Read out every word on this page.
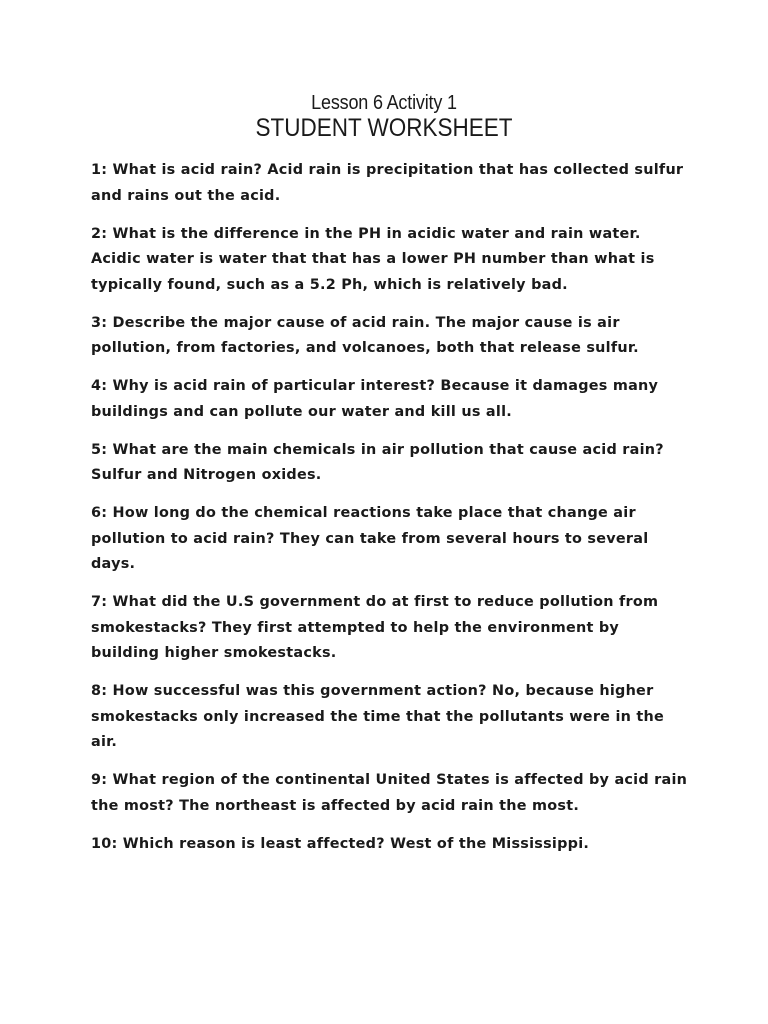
Lesson 6 Activity 1
STUDENT WORKSHEET
1: What is acid rain? Acid rain is precipitation that has collected sulfur and rains out the acid.
2: What is the difference in the PH in acidic water and rain water.Acidic water is water that that has a lower PH number than what is typically found, such as a 5.2 Ph, which is relatively bad.
3: Describe the major cause of acid rain. The major cause is air pollution, from factories, and volcanoes, both that release sulfur.
4: Why is acid rain of particular interest? Because it damages many buildings and can pollute our water and kill us all.
5: What are the main chemicals in air pollution that cause acid rain?Sulfur and Nitrogen oxides.
6: How long do the chemical reactions take place that change air pollution to acid rain? They can take from several hours to several days.
7: What did the U.S government do at first to reduce pollution from smokestacks? They first attempted to help the environment by building higher smokestacks.
8: How successful was this government action? No, because higher smokestacks only increased the time that the pollutants were in the air.
9: What region of the continental United States is affected by acid rain the most? The northeast is affected by acid rain the most.
10: Which reason is least affected? West of the Mississippi.
